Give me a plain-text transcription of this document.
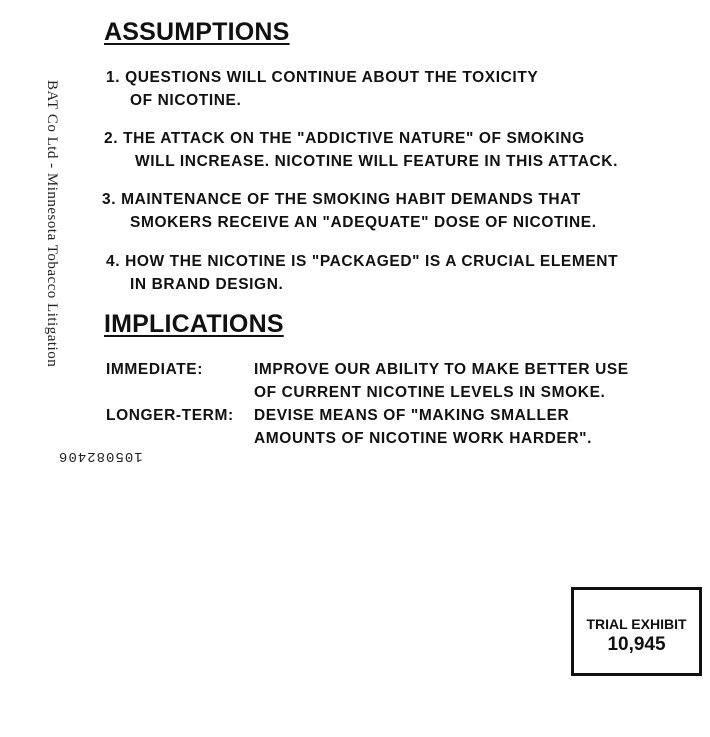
ASSUMPTIONS
1. QUESTIONS WILL CONTINUE ABOUT THE TOXICITY
OF NICOTINE.
2. THE ATTACK ON THE "ADDICTIVE NATURE" OF SMOKING
WILL INCREASE. NICOTINE WILL FEATURE IN THIS ATTACK.
3. MAINTENANCE OF THE SMOKING HABIT DEMANDS THAT
SMOKERS RECEIVE AN "ADEQUATE" DOSE OF NICOTINE.
4. HOW THE NICOTINE IS "PACKAGED" IS A CRUCIAL ELEMENT
IN BRAND DESIGN.
IMPLICATIONS
IMMEDIATE:	IMPROVE OUR ABILITY TO MAKE BETTER USE
OF CURRENT NICOTINE LEVELS IN SMOKE.
LONGER-TERM: DEVISE MEANS OF "MAKING SMALLER
AMOUNTS OF NICOTINE WORK HARDER".
BAT Co Ltd - Minnesota Tobacco Litigation
105082406
TRIAL EXHIBIT
10,945
